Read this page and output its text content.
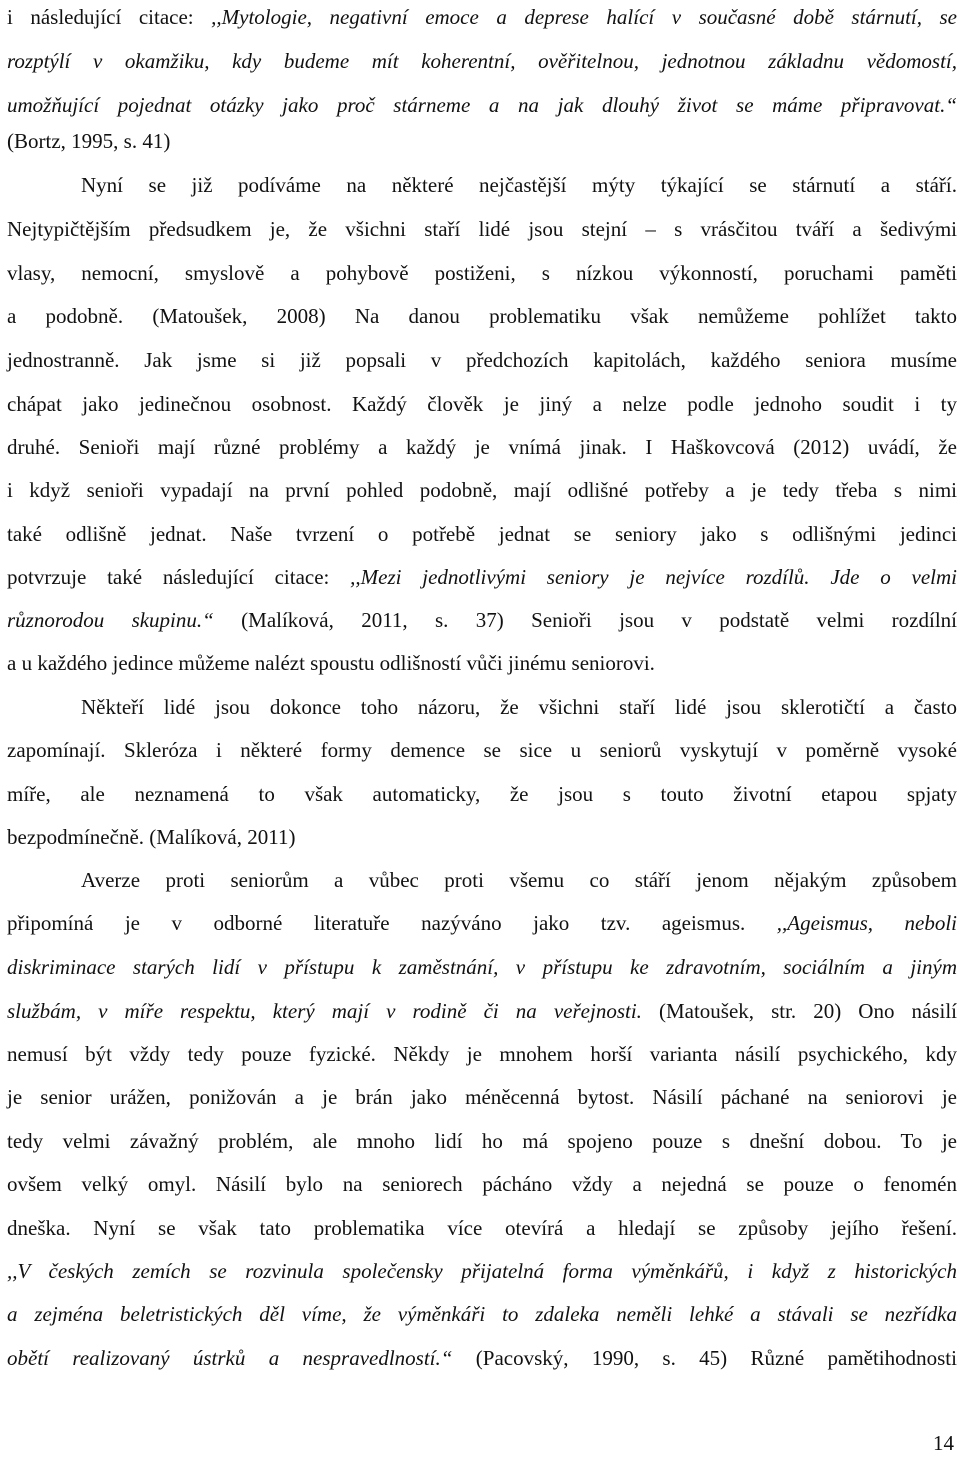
i následující citace: ,,Mytologie, negativní emoce a deprese halící v současné době stárnutí, se
rozptýlí v okamžiku, kdy budeme mít koherentní, ověřitelnou, jednotnou základnu vědomostí,
umožňující pojednat otázky jako proč stárneme a na jak dlouhý život se máme připravovat.“
(Bortz, 1995, s. 41)
Nyní se již podíváme na některé nejčastější mýty týkající se stárnutí a stáří.
Nejtypičtějším předsudkem je, že všichni staří lidé jsou stejní – s vrásčitou tváří a šedivými
vlasy, nemocní, smyslově a pohybově postiženi, s nízkou výkonností, poruchami paměti
a podobně. (Matoušek, 2008) Na danou problematiku však nemůžeme pohlížet takto
jednostranně. Jak jsme si již popsali v předchozích kapitolách, každého seniora musíme
chápat jako jedinečnou osobnost. Každý člověk je jiný a nelze podle jednoho soudit i ty
druhé. Senioři mají různé problémy a každý je vnímá jinak. I Haškovcová (2012) uvádí, že
i když senioři vypadají na první pohled podobně, mají odlišné potřeby a je tedy třeba s nimi
také odlišně jednat. Naše tvrzení o potřebě jednat se seniory jako s odlišnými jedinci
potvrzuje také následující citace: ,,Mezi jednotlivými seniory je nejvíce rozdílů. Jde o velmi
různorodou skupinu.“ (Malíková, 2011, s. 37) Senioři jsou v podstatě velmi rozdílní
a u každého jedince můžeme nalézt spoustu odlišností vůči jinému seniorovi.
Někteří lidé jsou dokonce toho názoru, že všichni staří lidé jsou sklerotičtí a často
zapomínají. Skleróza i některé formy demence se sice u seniorů vyskytují v poměrně vysoké
míře, ale neznamená to však automaticky, že jsou s touto životní etapou spjaty
bezpodmínečně. (Malíková, 2011)
Averze proti seniorům a vůbec proti všemu co stáří jenom nějakým způsobem
připomíná je v odborné literatuře nazýváno jako tzv. ageismus. ,,Ageismus, neboli
diskriminace starých lidí v přístupu k zaměstnání, v přístupu ke zdravotním, sociálním a jiným
službám, v míře respektu, který mají v rodině či na veřejnosti. (Matoušek, str. 20) Ono násilí
nemusí být vždy tedy pouze fyzické. Někdy je mnohem horší varianta násilí psychického, kdy
je senior urážen, ponižován a je brán jako méněcenná bytost. Násilí páchané na seniorovi je
tedy velmi závažný problém, ale mnoho lidí ho má spojeno pouze s dnešní dobou. To je
ovšem velký omyl. Násilí bylo na seniorech pácháno vždy a nejedná se pouze o fenomén
dneška. Nyní se však tato problematika více otevírá a hledají se způsoby jejího řešení.
,,V českých zemích se rozvinula společensky přijatelná forma výměnkářů, i když z historických
a zejména beletristických děl víme, že výměnkáři to zdaleka neměli lehké a stávali se nezřídka
obětí realizovaný ústrků a nespravedlností.“ (Pacovský, 1990, s. 45) Různé pamětihodnosti
14
